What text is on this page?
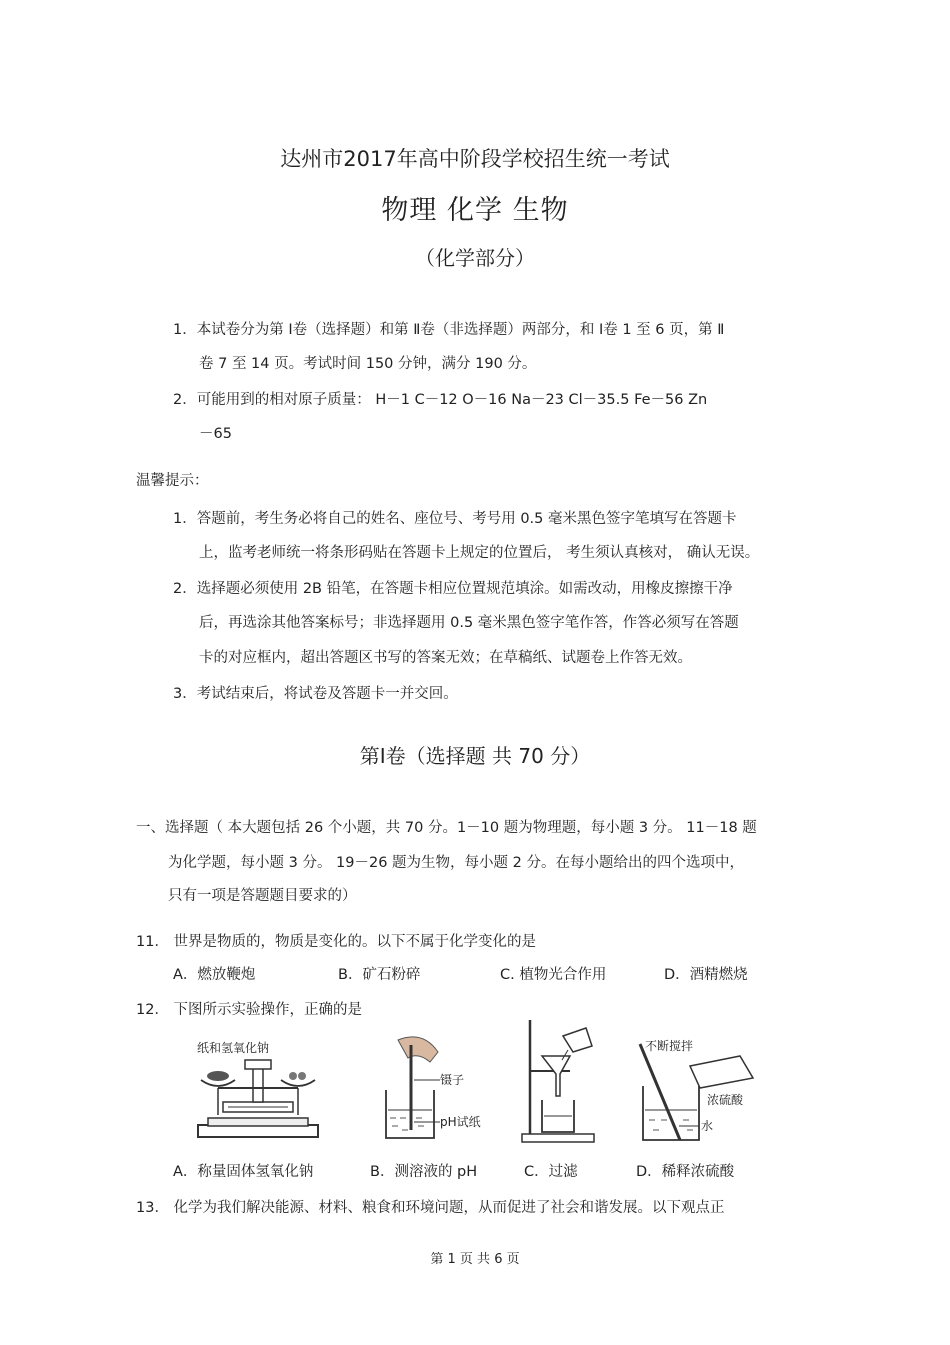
达州市2017年高中阶段学校招生统一考试
物理 化学 生物
（化学部分）
1．本试卷分为第 Ⅰ卷（选择题）和第 Ⅱ卷（非选择题）两部分，和 Ⅰ卷 1 至 6 页，第 Ⅱ
卷 7 至 14 页。考试时间 150 分钟，满分 190 分。
2．可能用到的相对原子质量： H－1 C－12 O－16 Na－23 Cl－35.5 Fe－56 Zn
－65
温馨提示：
1．答题前，考生务必将自己的姓名、座位号、考号用 0.5 毫米黑色签字笔填写在答题卡
上，监考老师统一将条形码贴在答题卡上规定的位置后， 考生须认真核对， 确认无误。
2．选择题必须使用 2B 铅笔，在答题卡相应位置规范填涂。如需改动，用橡皮擦擦干净
后，再选涂其他答案标号；非选择题用 0.5 毫米黑色签字笔作答，作答必须写在答题
卡的对应框内，超出答题区书写的答案无效；在草稿纸、试题卷上作答无效。
3．考试结束后，将试卷及答题卡一并交回。
第Ⅰ卷（选择题 共 70 分）
一、选择题（ 本大题包括 26 个小题，共 70 分。1－10 题为物理题，每小题 3 分。 11－18 题
为化学题，每小题 3 分。 19－26 题为生物，每小题 2 分。在每小题给出的四个选项中，
只有一项是答题题目要求的）
11． 世界是物质的，物质是变化的。以下不属于化学变化的是
A．燃放鞭炮	B．矿石粉碎	C. 植物光合作用	D．酒精燃烧
12． 下图所示实验操作，正确的是
纸和氢氧化钠
镊子
pH试纸
不断搅拌
浓硫酸
水
A．称量固体氢氧化钠	B．测溶液的 pH	C．过滤	D．稀释浓硫酸
13． 化学为我们解决能源、材料、粮食和环境问题，从而促进了社会和谐发展。以下观点正
第 1 页 共 6 页
